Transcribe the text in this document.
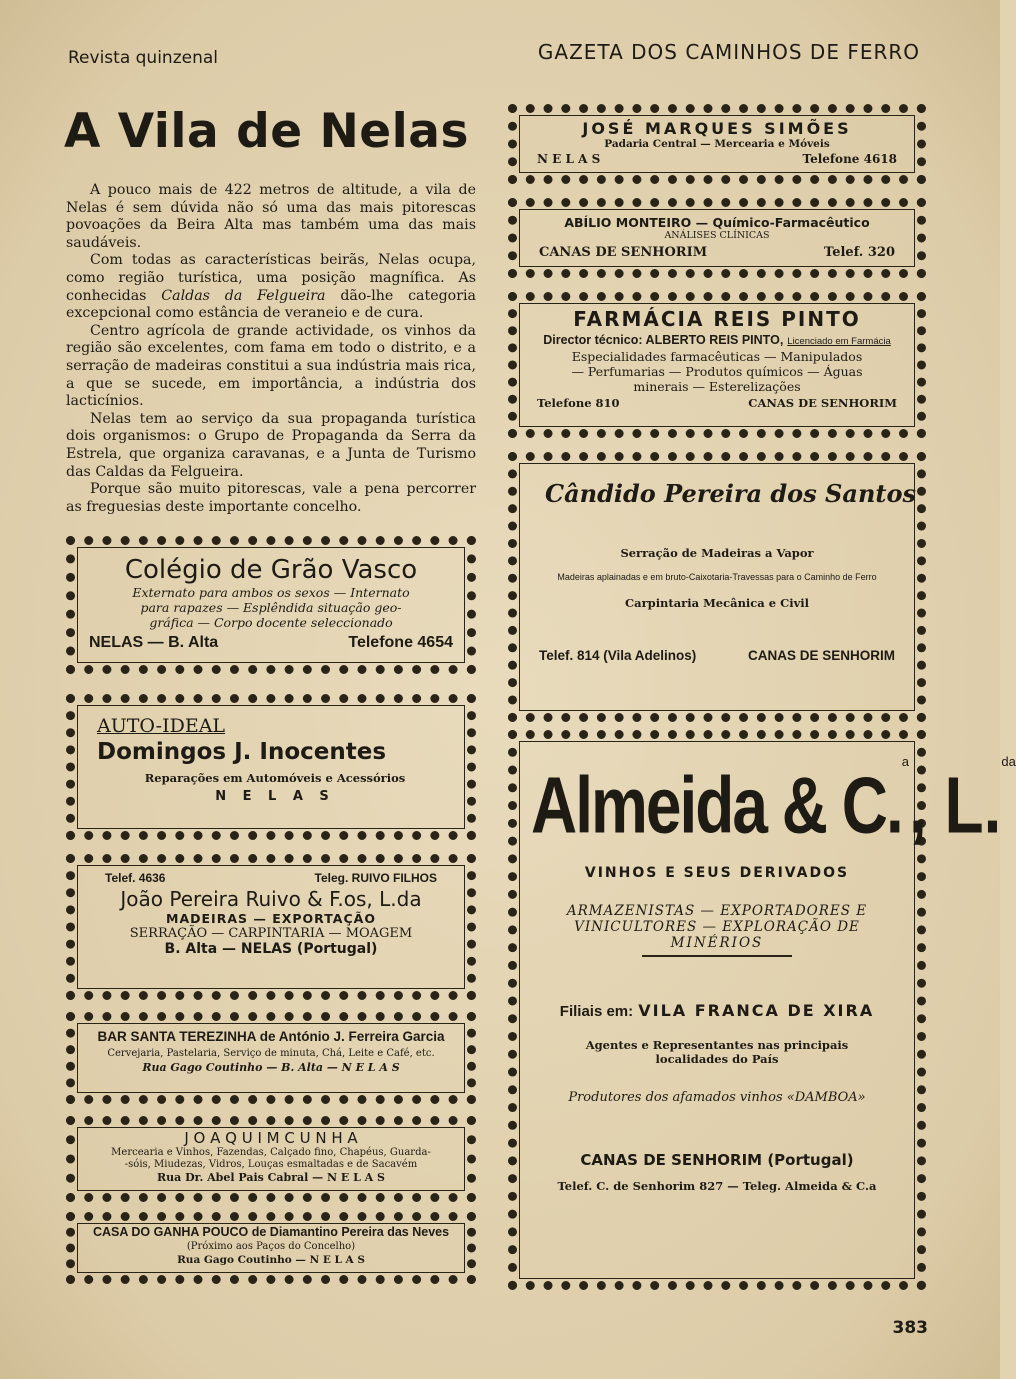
Revista quinzenal	GAZETA DOS CAMINHOS DE FERRO
A Vila de Nelas

A pouco mais de 422 metros de altitude, a vila de Nelas é sem dúvida não só uma das mais pitorescas povoações da Beira Alta mas também uma das mais saudáveis.

Com todas as características beirãs, Nelas ocupa, como região turística, uma posição magnífica. As conhecidas Caldas da Felgueira dão-lhe categoria excepcional como estância de veraneio e de cura.

Centro agrícola de grande actividade, os vinhos da região são excelentes, com fama em todo o distrito, e a serração de madeiras constitui a sua indústria mais rica, a que se sucede, em importância, a indústria dos lacticínios.

Nelas tem ao serviço da sua propaganda turística dois organismos: o Grupo de Propaganda da Serra da Estrela, que organiza caravanas, e a Junta de Turismo das Caldas da Felgueira.

Porque são muito pitorescas, vale a pena percorrer as freguesias deste importante concelho.

Colégio de Grão Vasco
Externato para ambos os sexos — Internato
para rapazes — Esplêndida situação geo-
gráfica — Corpo docente seleccionado
NELAS — B. Alta	Telefone 4654
AUTO-IDEAL
Domingos J. Inocentes
Reparações em Automóveis e Acessórios
N E L A S
Telef. 4636	Teleg. RUIVO FILHOS
João Pereira Ruivo & F.os, L.da
MADEIRAS — EXPORTAÇÃO
SERRAÇÃO — CARPINTARIA — MOAGEM
B. Alta — NELAS (Portugal)
BAR SANTA TEREZINHA de António J. Ferreira Garcia
Cervejaria, Pastelaria, Serviço de minuta, Chá, Leite e Café, etc.
Rua Gago Coutinho — B. Alta — N E L A S
J O A Q U I M C U N H A
Mercearia e Vinhos, Fazendas, Calçado fino, Chapéus, Guarda-
-sóis, Miudezas, Vidros, Louças esmaltadas e de Sacavém
Rua Dr. Abel Pais Cabral — N E L A S
CASA DO GANHA POUCO de Diamantino Pereira das Neves
(Próximo aos Paços do Concelho)
Rua Gago Coutinho — N E L A S
JOSÉ MARQUES SIMÕES
Padaria Central — Mercearia e Móveis
N E L A S	Telefone 4618
ABÍLIO MONTEIRO — Químico-Farmacêutico
ANÁLISES CLÍNICAS
CANAS DE SENHORIM	Telef. 320
FARMÁCIA REIS PINTO
Director técnico: ALBERTO REIS PINTO, Licenciado em Farmácia
Especialidades farmacêuticas — Manipulados
— Perfumarias — Produtos químicos — Águas
minerais — Esterelizações
Telefone 810	CANAS DE SENHORIM
Cândido Pereira dos Santos
Serração de Madeiras a Vapor
Madeiras aplainadas e em bruto-Caixotaria-Travessas para o Caminho de Ferro
Carpintaria Mecânica e Civil
Telef. 814 (Vila Adelinos)	CANAS DE SENHORIM
Almeida & C.$^a$, L.$^{da}$
VINHOS E SEUS DERIVADOS
ARMAZENISTAS — EXPORTADORES E
VINICULTORES — EXPLORAÇÃO DE
MINÉRIOS
Filiais em: VILA FRANCA DE XIRA
Agentes e Representantes nas principais
localidades do País
Produtores dos afamados vinhos «DAMBOA»
CANAS DE SENHORIM (Portugal)
Telef. C. de Senhorim 827 — Teleg. Almeida & C.a
383
